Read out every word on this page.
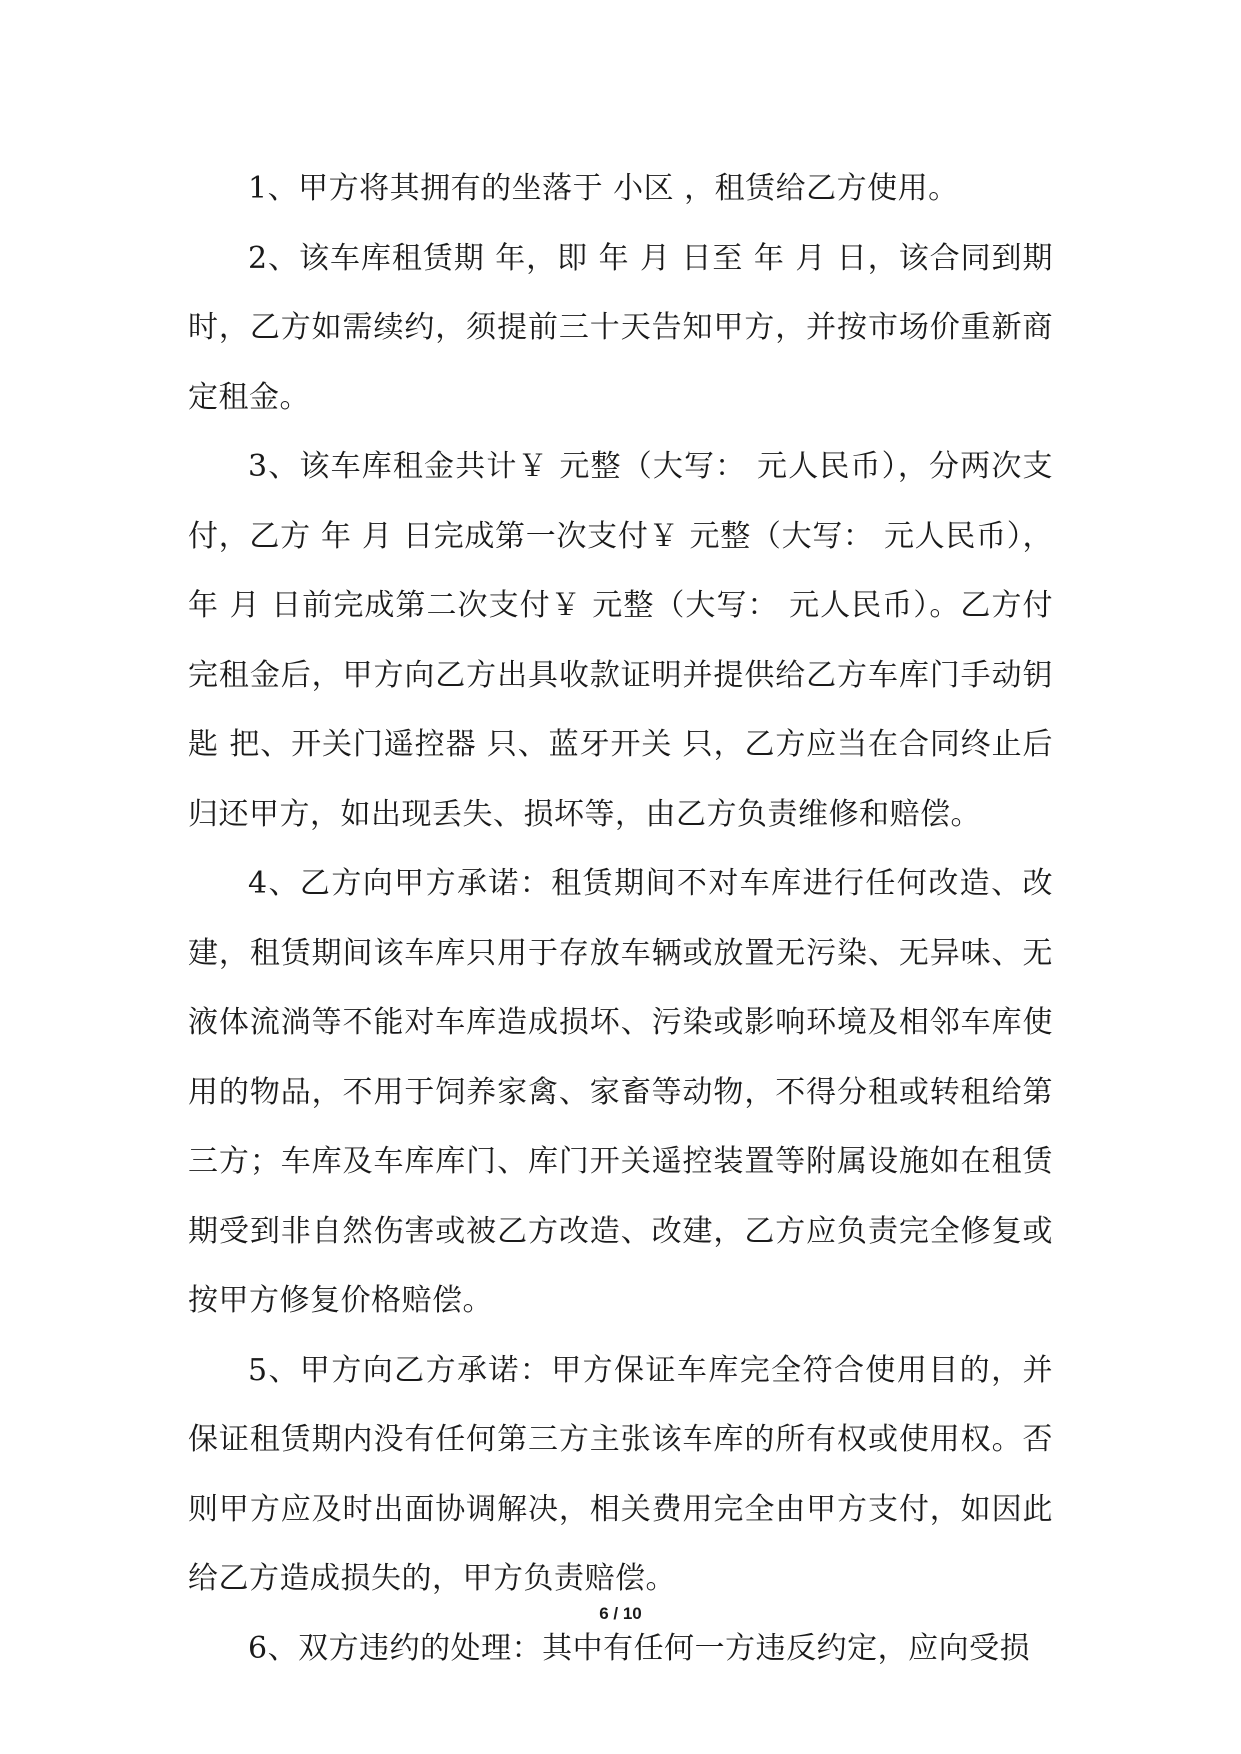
1、甲方将其拥有的坐落于 小区 ，租赁给乙方使用。

2、该车库租赁期 年，即 年 月 日至 年 月 日，该合同到期时，乙方如需续约，须提前三十天告知甲方，并按市场价重新商定租金。

3、该车库租金共计￥ 元整（大写： 元人民币），分两次支付，乙方 年 月 日完成第一次支付￥ 元整（大写： 元人民币）， 年 月 日前完成第二次支付￥ 元整（大写： 元人民币）。乙方付完租金后，甲方向乙方出具收款证明并提供给乙方车库门手动钥匙 把、开关门遥控器 只、蓝牙开关 只，乙方应当在合同终止后归还甲方，如出现丢失、损坏等，由乙方负责维修和赔偿。

4、乙方向甲方承诺：租赁期间不对车库进行任何改造、改建，租赁期间该车库只用于存放车辆或放置无污染、无异味、无液体流淌等不能对车库造成损坏、污染或影响环境及相邻车库使用的物品，不用于饲养家禽、家畜等动物，不得分租或转租给第三方；车库及车库库门、库门开关遥控装置等附属设施如在租赁期受到非自然伤害或被乙方改造、改建，乙方应负责完全修复或按甲方修复价格赔偿。

5、甲方向乙方承诺：甲方保证车库完全符合使用目的，并保证租赁期内没有任何第三方主张该车库的所有权或使用权。否则甲方应及时出面协调解决，相关费用完全由甲方支付，如因此给乙方造成损失的，甲方负责赔偿。

6、双方违约的处理：其中有任何一方违反约定，应向受损

6 / 10
